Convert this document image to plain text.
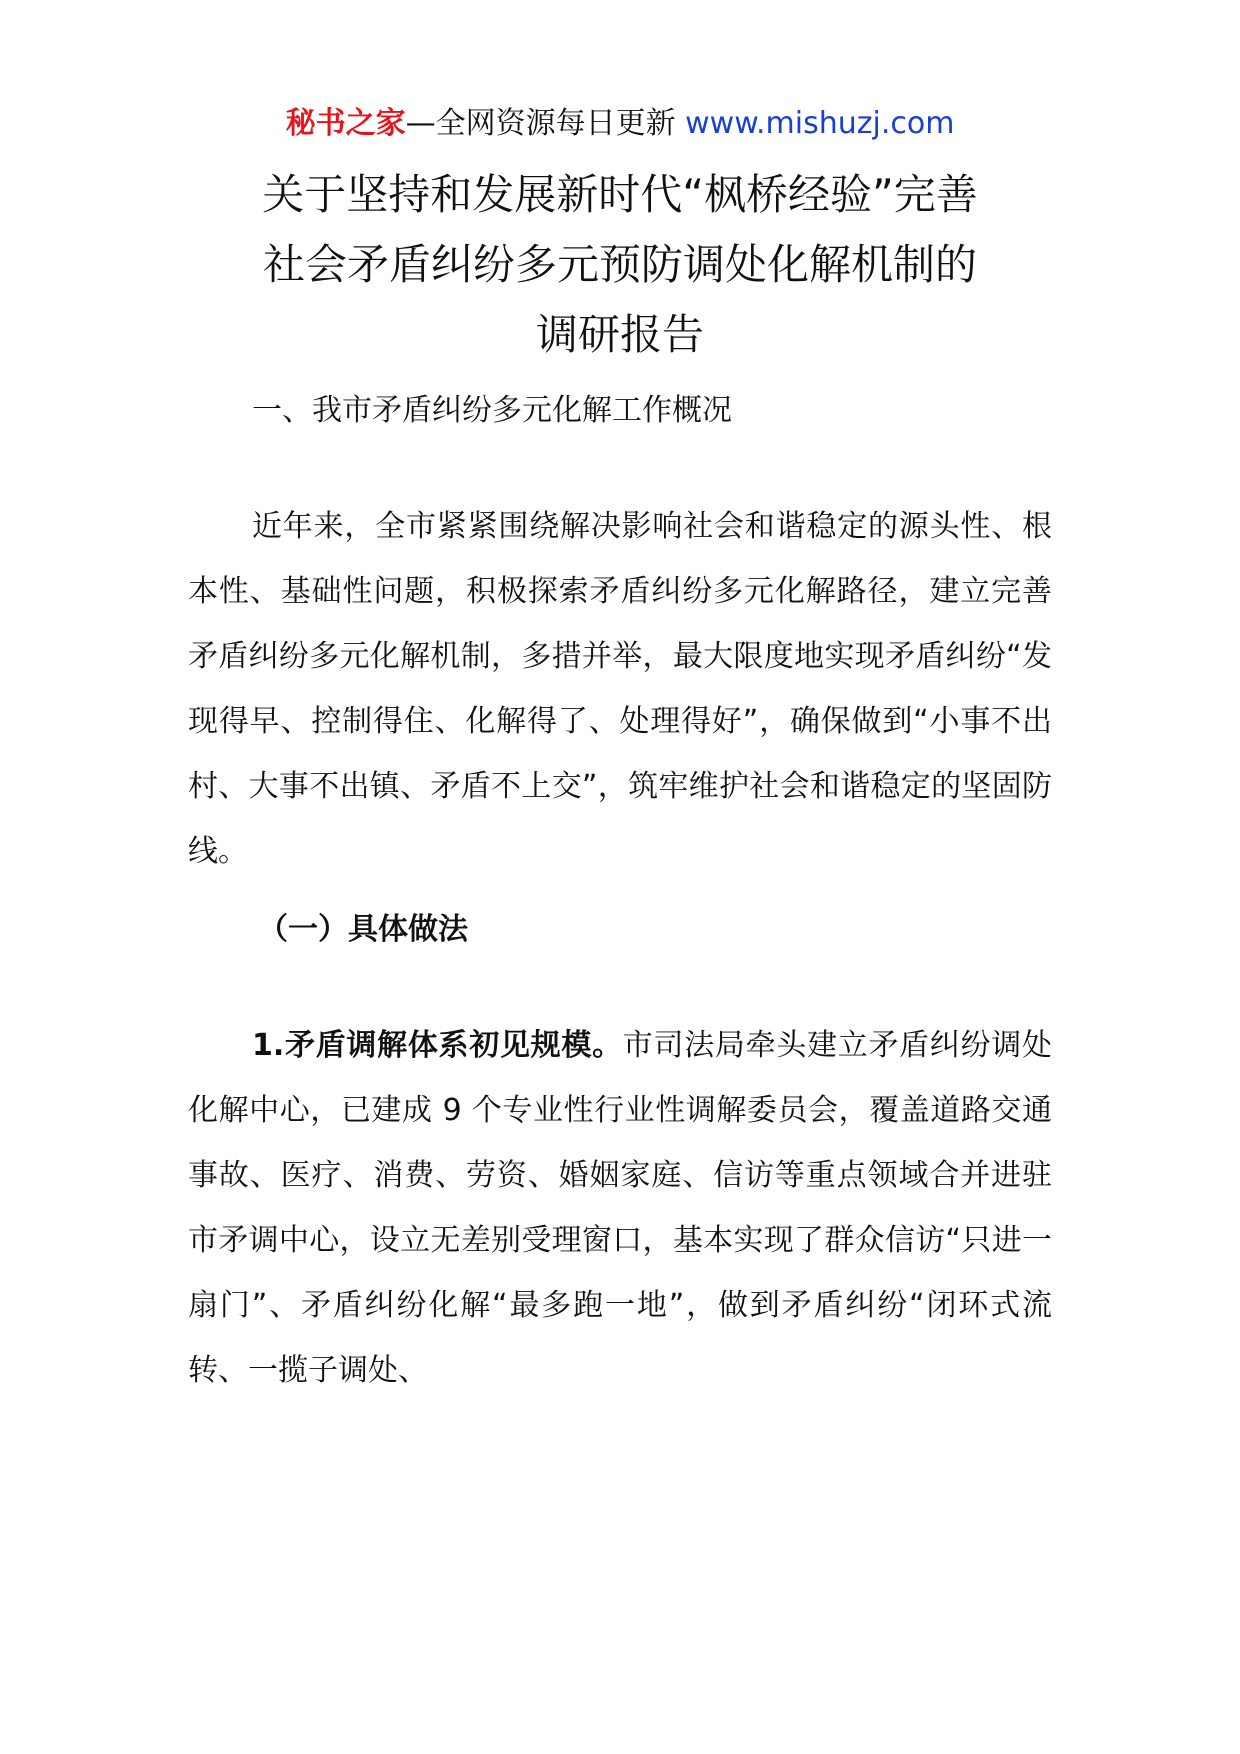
秘书之家—全网资源每日更新 www.mishuzj.com
关于坚持和发展新时代“枫桥经验”完善
社会矛盾纠纷多元预防调处化解机制的
调研报告
一、我市矛盾纠纷多元化解工作概况
近年来，全市紧紧围绕解决影响社会和谐稳定的源头性、根本性、基础性问题，积极探索矛盾纠纷多元化解路径，建立完善矛盾纠纷多元化解机制，多措并举，最大限度地实现矛盾纠纷“发现得早、控制得住、化解得了、处理得好”，确保做到“小事不出村、大事不出镇、矛盾不上交”，筑牢维护社会和谐稳定的坚固防线。
（一）具体做法
1.矛盾调解体系初见规模。市司法局牵头建立矛盾纠纷调处化解中心，已建成 9 个专业性行业性调解委员会，覆盖道路交通事故、医疗、消费、劳资、婚姻家庭、信访等重点领域合并进驻市矛调中心，设立无差别受理窗口，基本实现了群众信访“只进一扇门”、矛盾纠纷化解“最多跑一地”，做到矛盾纠纷“闭环式流转、一揽子调处、
